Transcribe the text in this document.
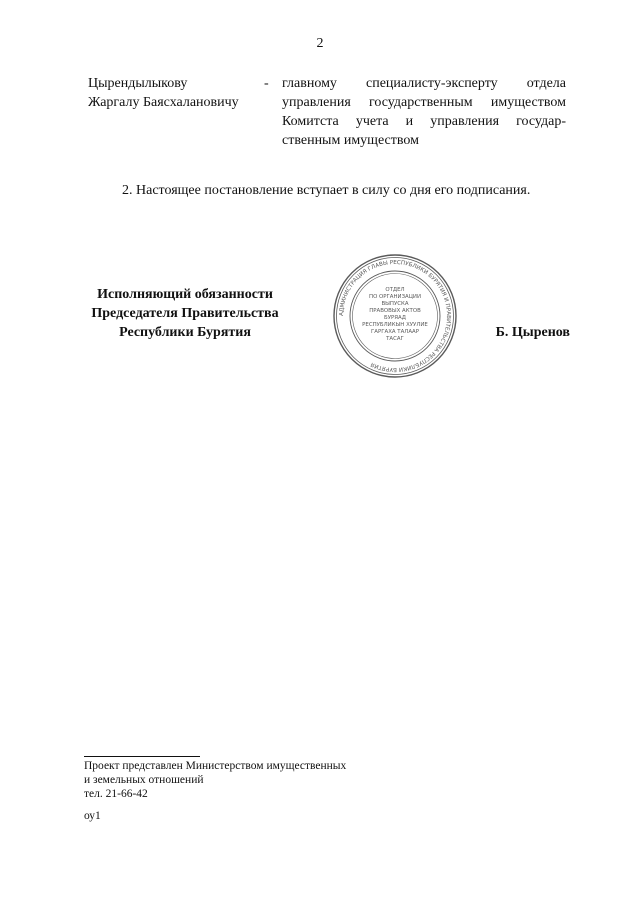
2
Цырендылыкову
Жаргалу Баясхалановичу
- главному специалисту-эксперту отдела управления государственным имуществом Комитста учета и управления государ-ственным имуществом
2. Настоящее постановление вступает в силу со дня его подписания.
Исполняющий обязанности
Председателя Правительства
Республики Бурятия
АДМИНИСТРАЦИЯ ГЛАВЫ РЕСПУБЛИКИ БУРЯТИЯ И ПРАВИТЕЛЬСТВА РЕСПУБЛИКИ БУРЯТИЯ
ОТДЕЛ
ПО ОРГАНИЗАЦИИ
ВЫПУСКА
ПРАВОВЫХ АКТОВ
БУРЯАД
РЕСПУБЛИКЫН ХУУЛИЕ
ГАРГАХА ТАЛААР
ТАСАГ	Б. Цыренов
Проект представлен Министерством имущественных
и земельных отношений
тел. 21-66-42
оу1
